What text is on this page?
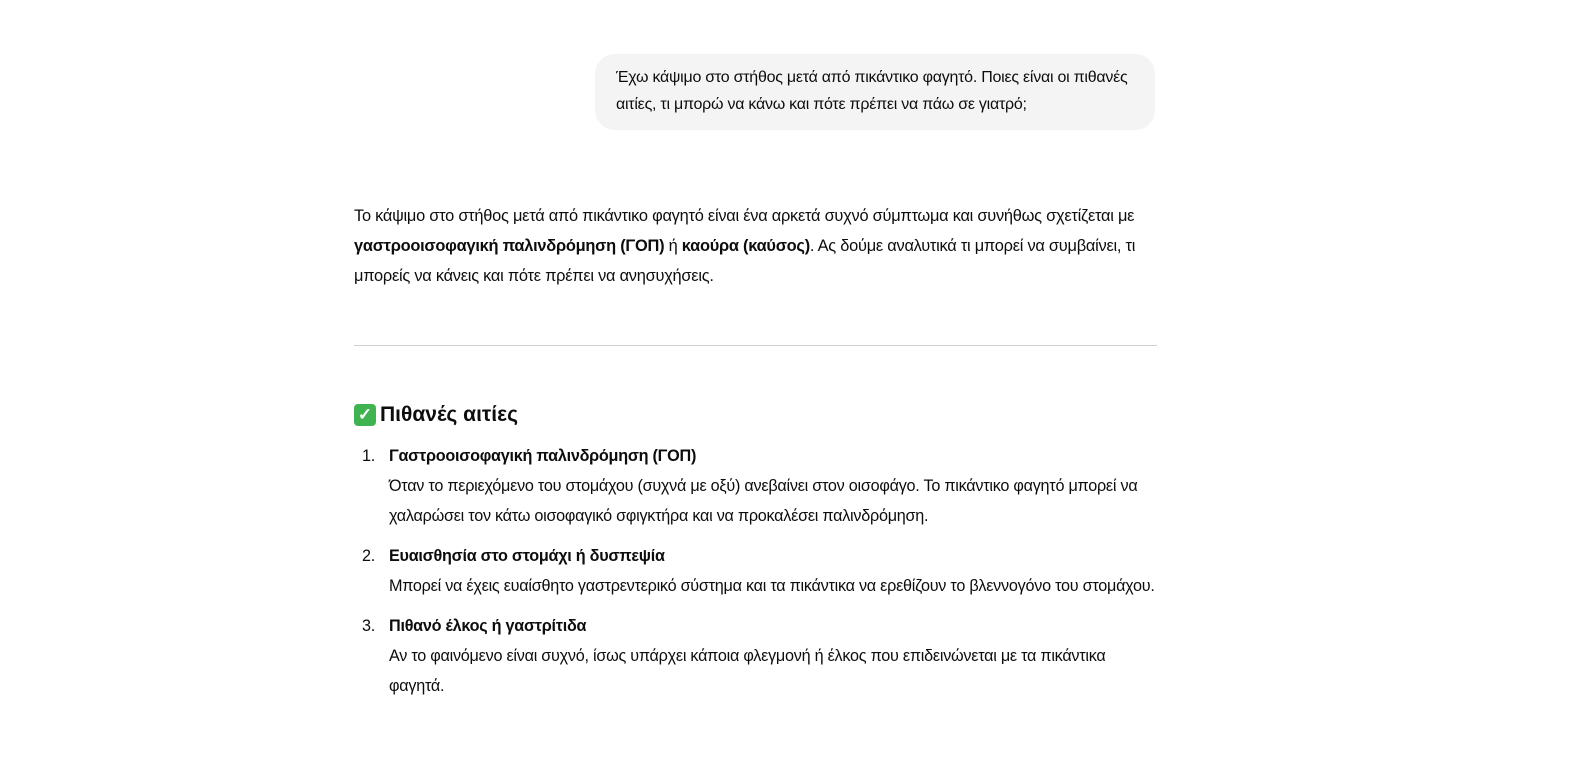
Έχω κάψιμο στο στήθος μετά από πικάντικο φαγητό. Ποιες είναι οι πιθανές αιτίες, τι μπορώ να κάνω και πότε πρέπει να πάω σε γιατρό;
Το κάψιμο στο στήθος μετά από πικάντικο φαγητό είναι ένα αρκετά συχνό σύμπτωμα και συνήθως σχετίζεται με γαστροοισοφαγική παλινδρόμηση (ΓΟΠ) ή καούρα (καύσος). Ας δούμε αναλυτικά τι μπορεί να συμβαίνει, τι μπορείς να κάνεις και πότε πρέπει να ανησυχήσεις.
✓ Πιθανές αιτίες
1. Γαστροοισοφαγική παλινδρόμηση (ΓΟΠ)
Όταν το περιεχόμενο του στομάχου (συχνά με οξύ) ανεβαίνει στον οισοφάγο. Το πικάντικο φαγητό μπορεί να χαλαρώσει τον κάτω οισοφαγικό σφιγκτήρα και να προκαλέσει παλινδρόμηση.
2. Ευαισθησία στο στομάχι ή δυσπεψία
Μπορεί να έχεις ευαίσθητο γαστρεντερικό σύστημα και τα πικάντικα να ερεθίζουν το βλεννογόνο του στομάχου.
3. Πιθανό έλκος ή γαστρίτιδα
Αν το φαινόμενο είναι συχνό, ίσως υπάρχει κάποια φλεγμονή ή έλκος που επιδεινώνεται με τα πικάντικα φαγητά.
